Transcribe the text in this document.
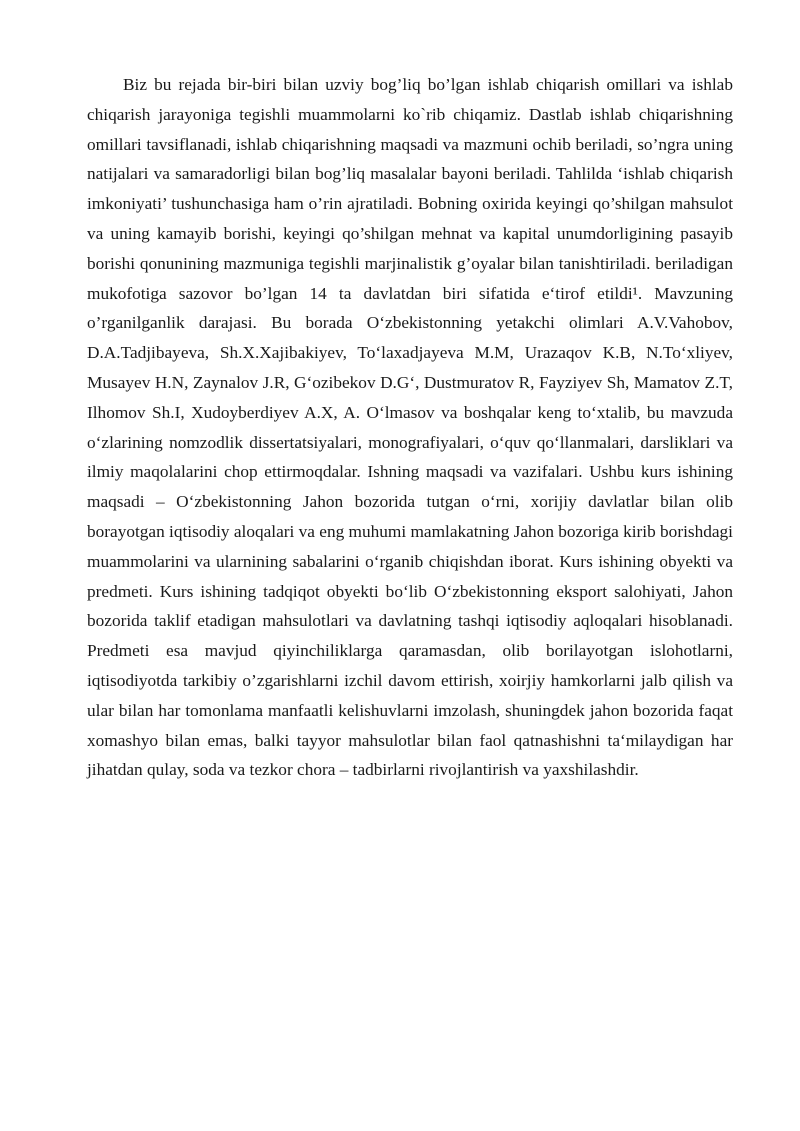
Biz bu rejada bir-biri bilan uzviy bog’liq bo’lgan ishlab chiqarish omillari va ishlab chiqarish jarayoniga tegishli muammolarni ko`rib chiqamiz. Dastlab ishlab chiqarishning omillari tavsiflanadi, ishlab chiqarishning maqsadi va mazmuni ochib beriladi, so’ngra uning natijalari va samaradorligi bilan bog’liq masalalar bayoni beriladi. Tahlilda ‘ishlab chiqarish imkoniyati’ tushunchasiga ham o’rin ajratiladi. Bobning oxirida keyingi qo’shilgan mahsulot va uning kamayib borishi, keyingi qo’shilgan mehnat va kapital unumdorligining pasayib borishi qonunining mazmuniga tegishli marjinalistik g’oyalar bilan tanishtiriladi. beriladigan mukofotiga sazovor bo’lgan 14 ta davlatdan biri sifatida e‘tirof etildi¹. Mavzuning o’rganilganlik darajasi. Bu borada O‘zbekistonning yetakchi olimlari A.V.Vahobov, D.A.Tadjibayeva, Sh.X.Xajibakiyev, To‘laxadjayeva M.M, Urazaqov K.B, N.To‘xliyev, Musayev H.N, Zaynalov J.R, G‘ozibekov D.G‘, Dustmuratov R, Fayziyev Sh, Mamatov Z.T, Ilhomov Sh.I, Xudoyberdiyev A.X, A. O‘lmasov va boshqalar keng to‘xtalib, bu mavzuda o‘zlarining nomzodlik dissertatsiyalari, monografiyalari, o‘quv qo‘llanmalari, darsliklari va ilmiy maqolalarini chop ettirmoqdalar. Ishning maqsadi va vazifalari. Ushbu kurs ishining maqsadi – O‘zbekistonning Jahon bozorida tutgan o‘rni, xorijiy davlatlar bilan olib borayotgan iqtisodiy aloqalari va eng muhumi mamlakatning Jahon bozoriga kirib borishdagi muammolarini va ularnining sabalarini o‘rganib chiqishdan iborat. Kurs ishining obyekti va predmeti. Kurs ishining tadqiqot obyekti bo‘lib O‘zbekistonning eksport salohiyati, Jahon bozorida taklif etadigan mahsulotlari va davlatning tashqi iqtisodiy aqloqalari hisoblanadi. Predmeti esa mavjud qiyinchiliklarga qaramasdan, olib borilayotgan islohotlarni, iqtisodiyotda tarkibiy o’zgarishlarni izchil davom ettirish, xoirjiy hamkorlarni jalb qilish va ular bilan har tomonlama manfaatli kelishuvlarni imzolash, shuningdek jahon bozorida faqat xomashyo bilan emas, balki tayyor mahsulotlar bilan faol qatnashishni ta‘milaydigan har jihatdan qulay, soda va tezkor chora – tadbirlarni rivojlantirish va yaxshilashdir.
